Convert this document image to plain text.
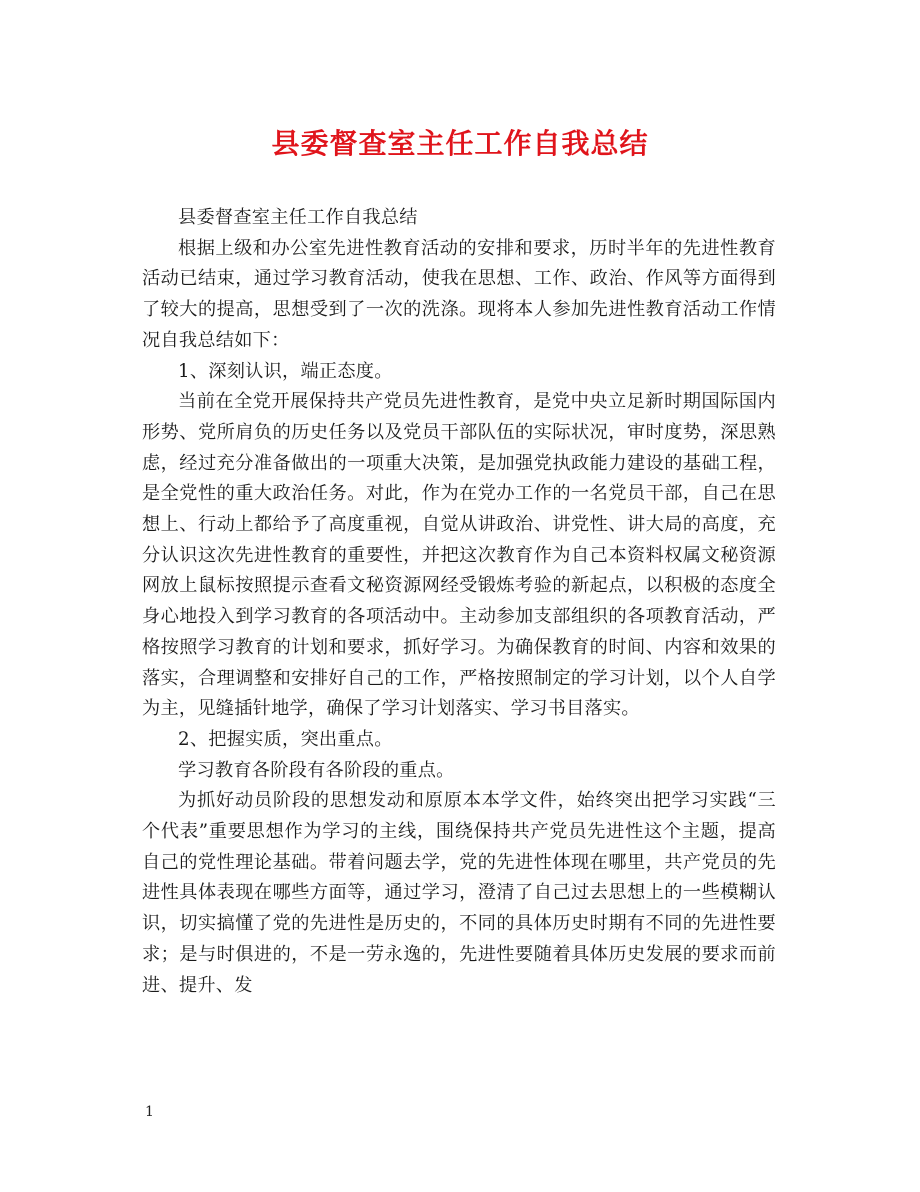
县委督查室主任工作自我总结

县委督查室主任工作自我总结

根据上级和办公室先进性教育活动的安排和要求，历时半年的先进性教育活动已结束，通过学习教育活动，使我在思想、工作、政治、作风等方面得到了较大的提高，思想受到了一次的洗涤。现将本人参加先进性教育活动工作情况自我总结如下：

1、深刻认识，端正态度。

当前在全党开展保持共产党员先进性教育，是党中央立足新时期国际国内形势、党所肩负的历史任务以及党员干部队伍的实际状况，审时度势，深思熟虑，经过充分准备做出的一项重大决策，是加强党执政能力建设的基础工程，是全党性的重大政治任务。对此，作为在党办工作的一名党员干部，自己在思想上、行动上都给予了高度重视，自觉从讲政治、讲党性、讲大局的高度，充分认识这次先进性教育的重要性，并把这次教育作为自己本资料权属文秘资源网放上鼠标按照提示查看文秘资源网经受锻炼考验的新起点，以积极的态度全身心地投入到学习教育的各项活动中。主动参加支部组织的各项教育活动，严格按照学习教育的计划和要求，抓好学习。为确保教育的时间、内容和效果的落实，合理调整和安排好自己的工作，严格按照制定的学习计划，以个人自学为主，见缝插针地学，确保了学习计划落实、学习书目落实。

2、把握实质，突出重点。

学习教育各阶段有各阶段的重点。

为抓好动员阶段的思想发动和原原本本学文件，始终突出把学习实践“三个代表”重要思想作为学习的主线，围绕保持共产党员先进性这个主题，提高自己的党性理论基础。带着问题去学，党的先进性体现在哪里，共产党员的先进性具体表现在哪些方面等，通过学习，澄清了自己过去思想上的一些模糊认识，切实搞懂了党的先进性是历史的，不同的具体历史时期有不同的先进性要求；是与时俱进的，不是一劳永逸的，先进性要随着具体历史发展的要求而前进、提升、发

1
